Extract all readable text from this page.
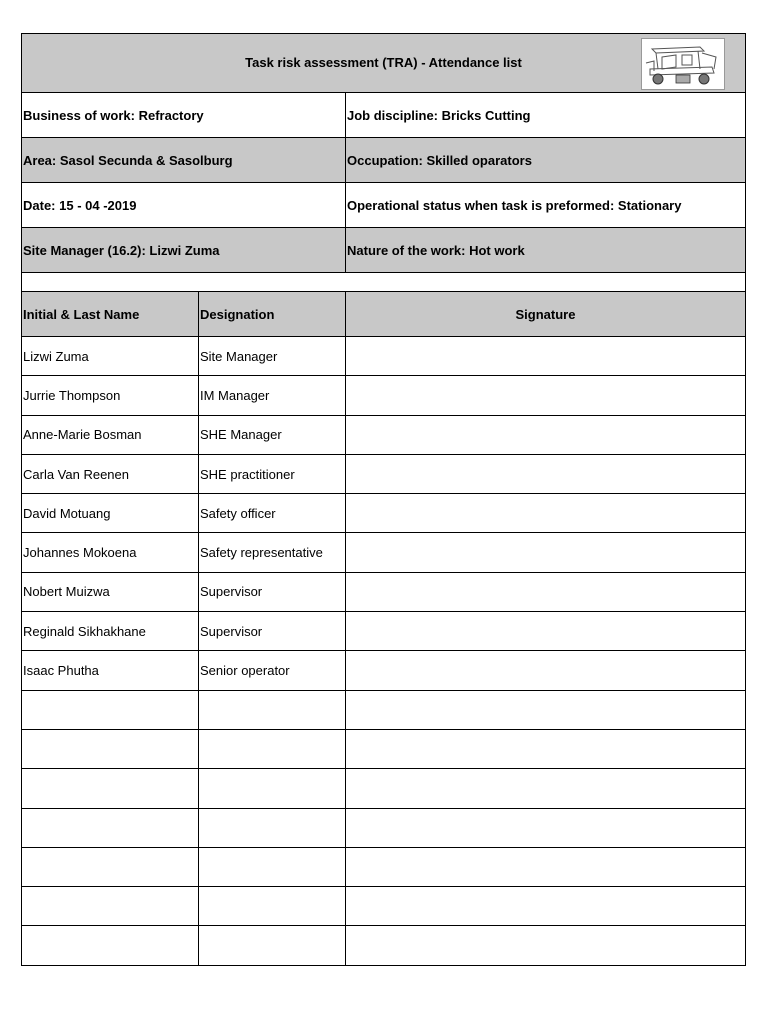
Task risk assessment (TRA) - Attendance list
Business of work: Refractory	Job discipline: Bricks Cutting
Area: Sasol Secunda & Sasolburg	Occupation: Skilled oparators
Date: 15 - 04 -2019	Operational status when task is preformed: Stationary
Site Manager (16.2): Lizwi Zuma	Nature of the work: Hot work
Initial & Last Name	Designation	Signature
Lizwi Zuma	Site Manager
Jurrie Thompson	IM Manager
Anne-Marie Bosman	SHE Manager
Carla Van Reenen	SHE practitioner
David Motuang	Safety officer
Johannes Mokoena	Safety representative
Nobert Muizwa	Supervisor
Reginald Sikhakhane	Supervisor
Isaac Phutha	Senior operator
